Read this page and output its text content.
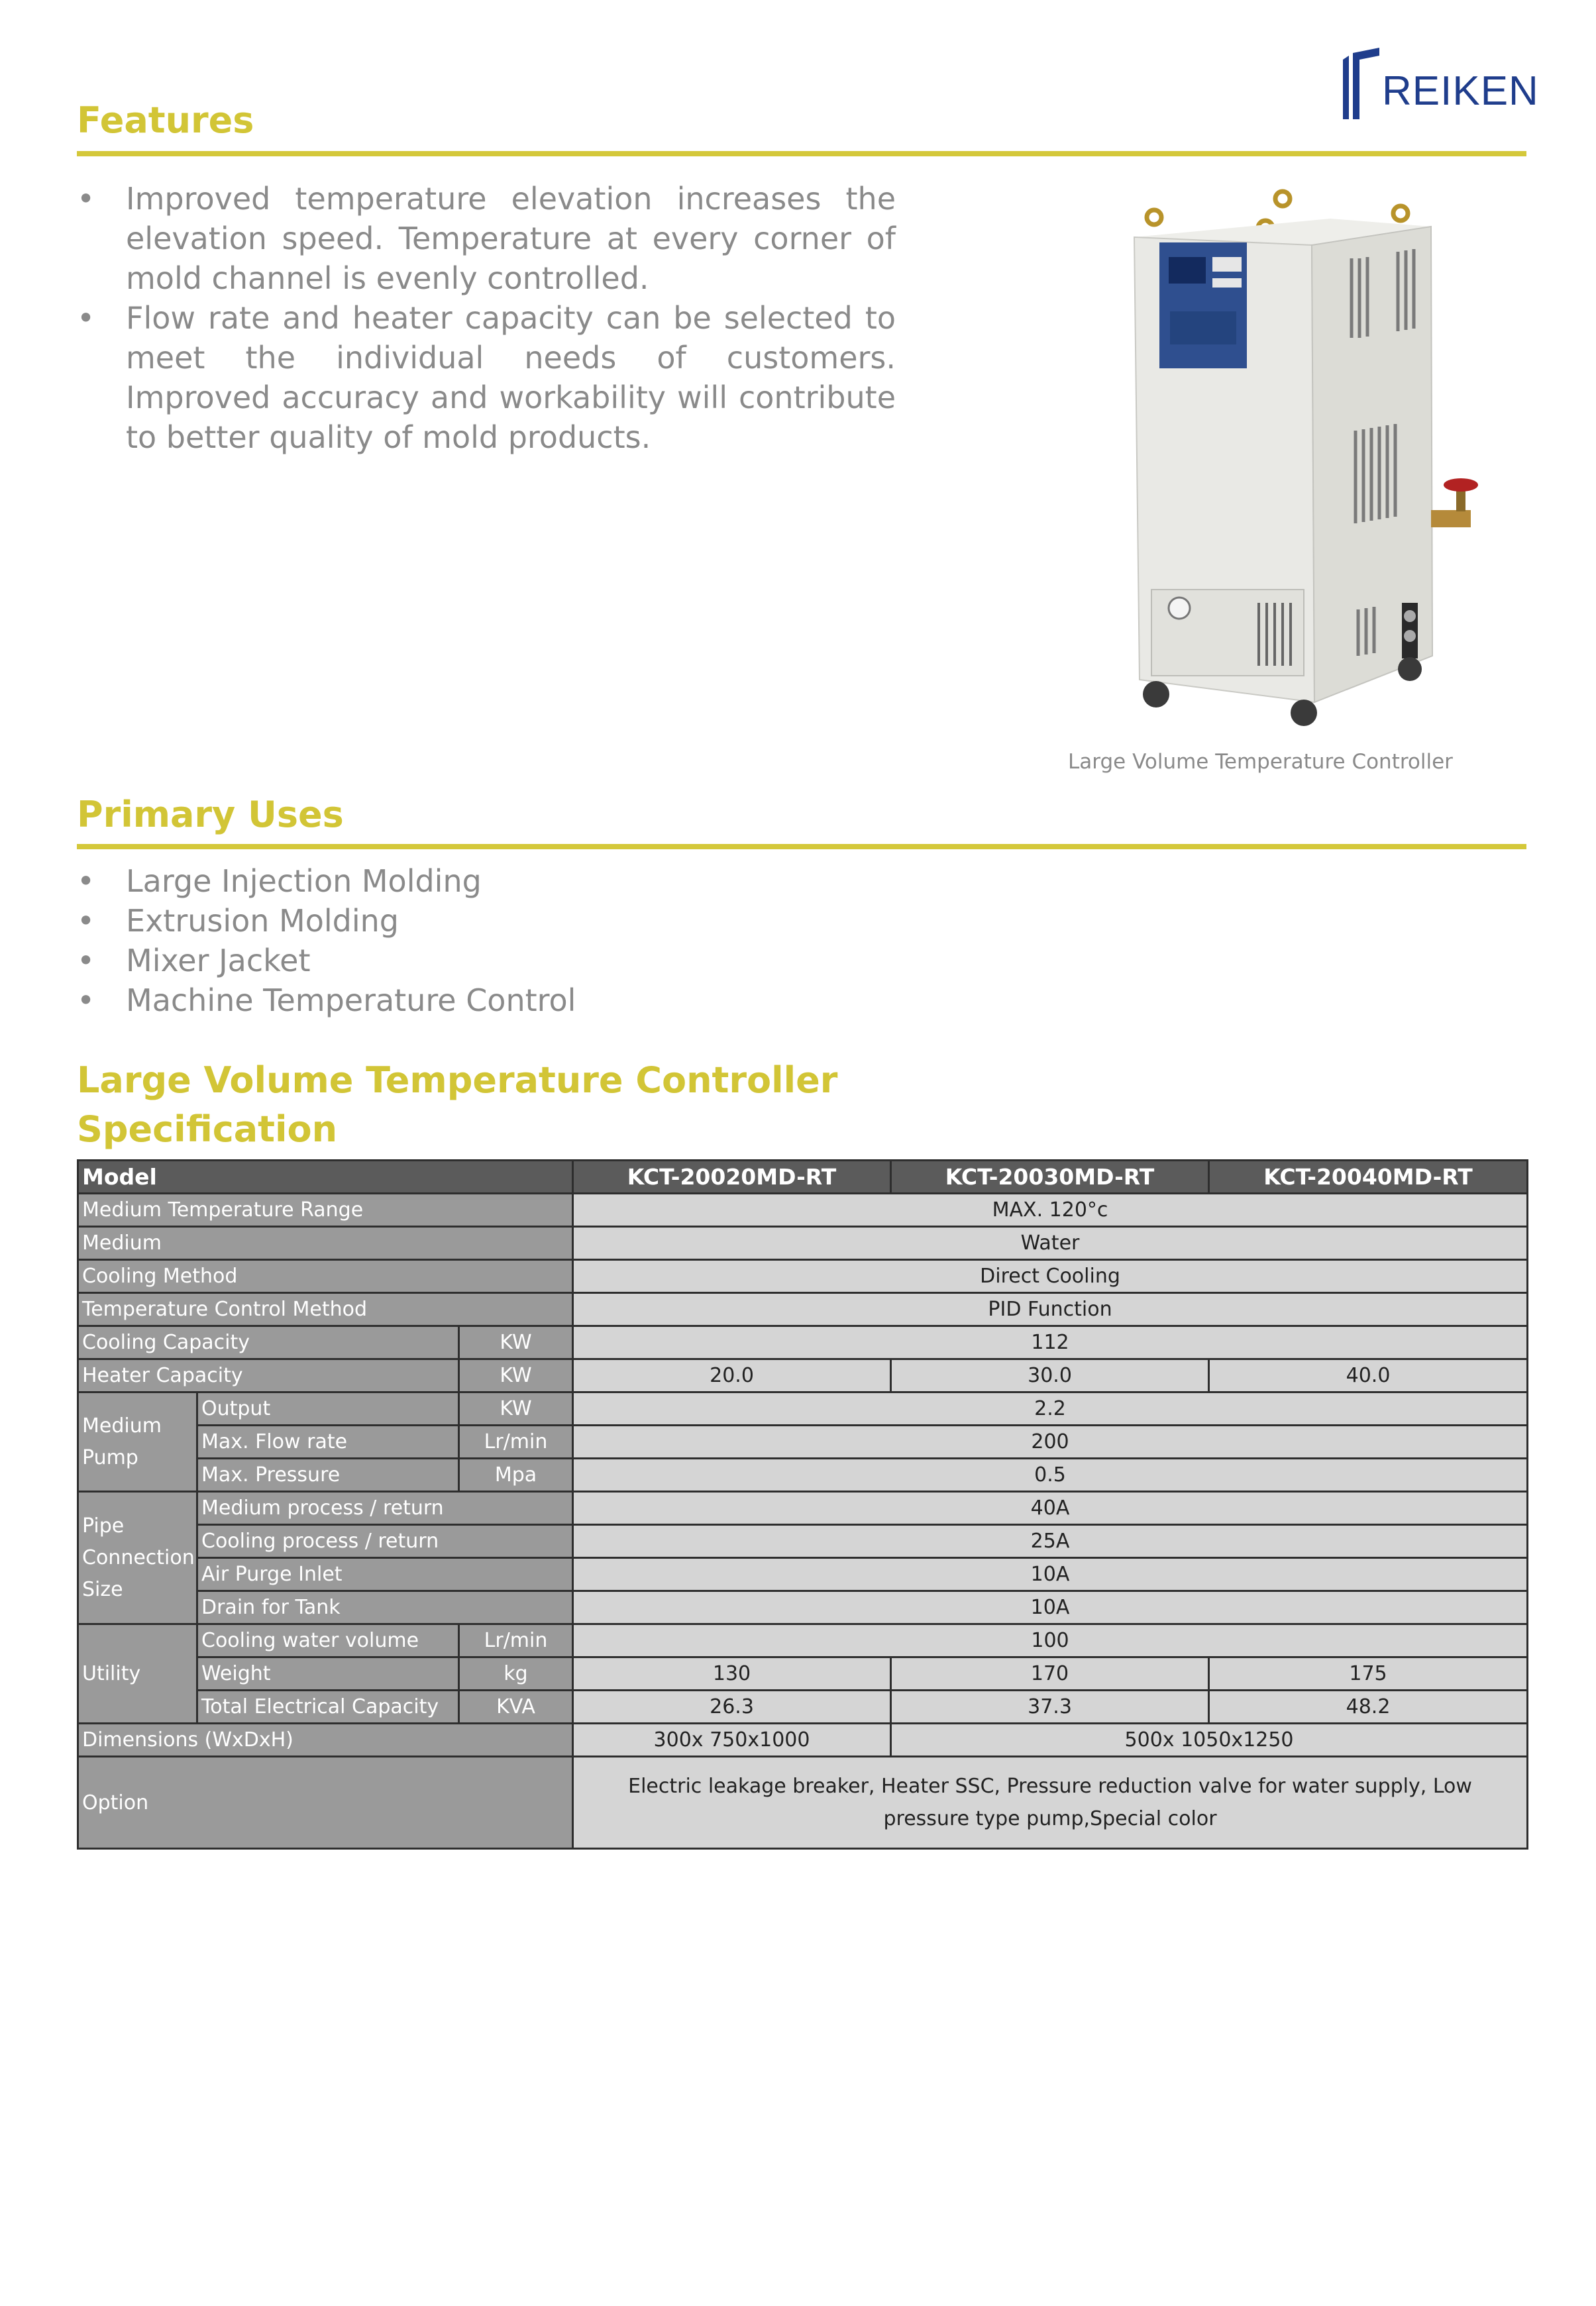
REIKEN
Features
• Improved temperature elevation increases the elevation speed. Temperature at every corner of mold channel is evenly controlled.
• Flow rate and heater capacity can be selected to meet the individual needs of customers. Improved accuracy and workability will contribute to better quality of mold products.
Large Volume Temperature Controller
Primary Uses
• Large Injection Molding
• Extrusion Molding
• Mixer Jacket
• Machine Temperature Control
Large Volume Temperature Controller
Specification
Model			KCT-20020MD-RT	KCT-20030MD-RT	KCT-20040MD-RT
Medium Temperature Range			MAX. 120°c		
Medium			Water		
Cooling Method			Direct Cooling		
Temperature Control Method			PID Function		
Cooling Capacity		KW	112		
Heater Capacity		KW	20.0	30.0	40.0
Medium Pump	Output	KW	2.2		
	Max. Flow rate	Lr/min	200		
	Max. Pressure	Mpa	0.5		
Pipe Connection Size	Medium process / return		40A		
	Cooling process / return		25A		
	Air Purge Inlet		10A		
	Drain for Tank		10A		
Utility	Cooling water volume	Lr/min	100		
	Weight	kg	130	170	175
	Total Electrical Capacity	KVA	26.3	37.3	48.2
Dimensions (WxDxH)			300x 750x1000	500x 1050x1250	
Option			Electric leakage breaker, Heater SSC, Pressure reduction valve for water supply, Low pressure type pump,Special color		
